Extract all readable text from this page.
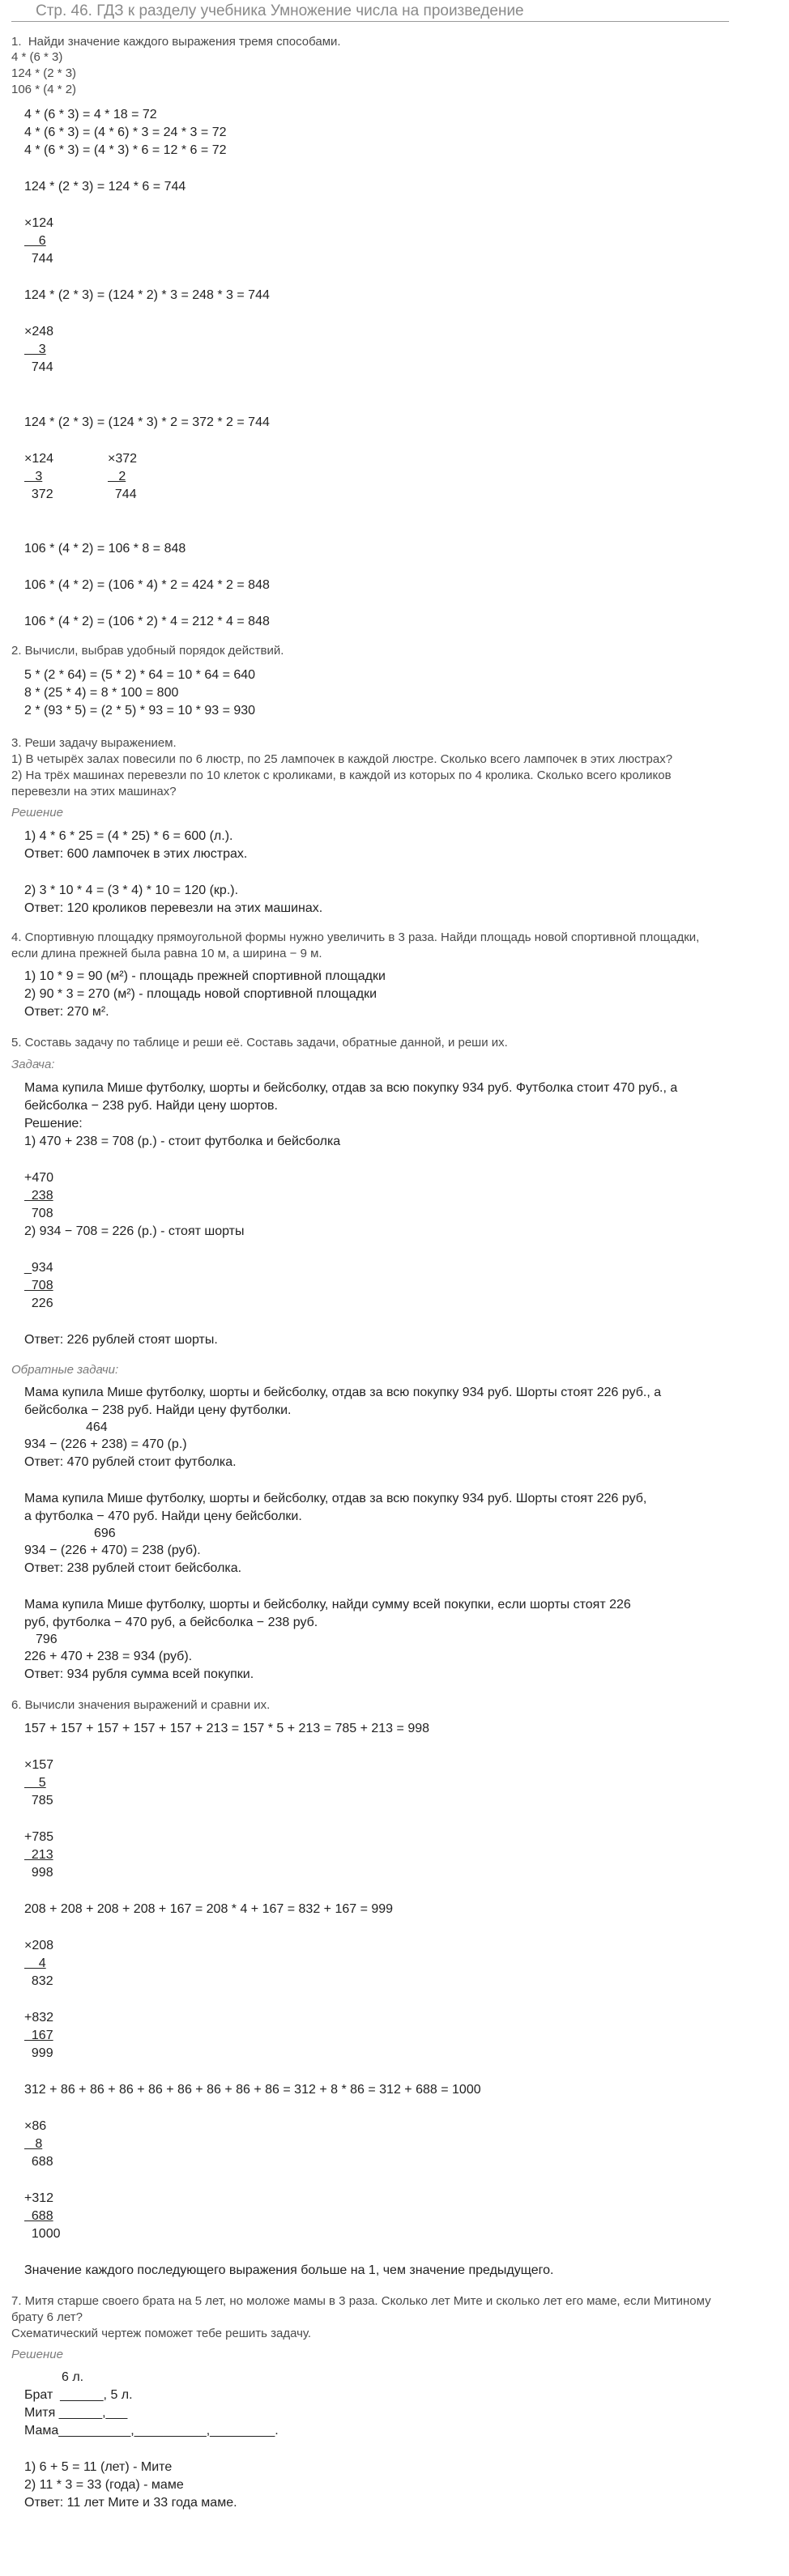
Стр. 46. ГДЗ к разделу учебника Умножение числа на произведение
1.  Найди значение каждого выражения тремя способами.
4 * (6 * 3)
124 * (2 * 3)
106 * (4 * 2)
4 * (6 * 3) = 4 * 18 = 72
4 * (6 * 3) = (4 * 6) * 3 = 24 * 3 = 72
4 * (6 * 3) = (4 * 3) * 6 = 12 * 6 = 72
124 * (2 * 3) = 124 * 6 = 744
×124
6
744
124 * (2 * 3) = (124 * 2) * 3 = 248 * 3 = 744
×248
3
744
124 * (2 * 3) = (124 * 3) * 2 = 372 * 2 = 744
×124
3
372
×372
2
744
106 * (4 * 2) = 106 * 8 = 848
106 * (4 * 2) = (106 * 4) * 2 = 424 * 2 = 848
106 * (4 * 2) = (106 * 2) * 4 = 212 * 4 = 848
2. Вычисли, выбрав удобный порядок действий.
5 * (2 * 64) = (5 * 2) * 64 = 10 * 64 = 640
8 * (25 * 4) = 8 * 100 = 800
2 * (93 * 5) = (2 * 5) * 93 = 10 * 93 = 930
3. Реши задачу выражением.
1) В четырёх залах повесили по 6 люстр, по 25 лампочек в каждой люстре. Сколько всего лампочек в этих люстрах?
2) На трёх машинах перевезли по 10 клеток с кроликами, в каждой из которых по 4 кролика. Сколько всего кроликов
перевезли на этих машинах?
Решение
1) 4 * 6 * 25 = (4 * 25) * 6 = 600 (л.).
Ответ: 600 лампочек в этих люстрах.
2) 3 * 10 * 4 = (3 * 4) * 10 = 120 (кр.).
Ответ: 120 кроликов перевезли на этих машинах.
4. Спортивную площадку прямоугольной формы нужно увеличить в 3 раза. Найди площадь новой спортивной площадки,
если длина прежней была равна 10 м, а ширина − 9 м.
1) 10 * 9 = 90 (м²) - площадь прежней спортивной площадки
2) 90 * 3 = 270 (м²) - площадь новой спортивной площадки
Ответ: 270 м².
5. Составь задачу по таблице и реши её. Составь задачи, обратные данной, и реши их.
Задача:
Мама купила Мише футболку, шорты и бейсболку, отдав за всю покупку 934 руб. Футболка стоит 470 руб., а
бейсболка − 238 руб. Найди цену шортов.
Решение:
1) 470 + 238 = 708 (р.) - стоит футболка и бейсболка
+470
238
708
2) 934 − 708 = 226 (р.) - стоят шорты
_934
708
226
Ответ: 226 рублей стоят шорты.
Обратные задачи:
Мама купила Мише футболку, шорты и бейсболку, отдав за всю покупку 934 руб. Шорты стоят 226 руб., а
бейсболка − 238 руб. Найди цену футболки.
464
934 − (226 + 238) = 470 (р.)
Ответ: 470 рублей стоит футболка.
Мама купила Мише футболку, шорты и бейсболку, отдав за всю покупку 934 руб. Шорты стоят 226 руб,
а футболка − 470 руб. Найди цену бейсболки.
696
934 − (226 + 470) = 238 (руб).
Ответ: 238 рублей стоит бейсболка.
Мама купила Мише футболку, шорты и бейсболку, найди сумму всей покупки, если шорты стоят 226
руб, футболка − 470 руб, а бейсболка − 238 руб.
796
226 + 470 + 238 = 934 (руб).
Ответ: 934 рубля сумма всей покупки.
6. Вычисли значения выражений и сравни их.
157 + 157 + 157 + 157 + 157 + 213 = 157 * 5 + 213 = 785 + 213 = 998
×157
5
785
+785
213
998
208 + 208 + 208 + 208 + 167 = 208 * 4 + 167 = 832 + 167 = 999
×208
4
832
+832
167
999
312 + 86 + 86 + 86 + 86 + 86 + 86 + 86 + 86 = 312 + 8 * 86 = 312 + 688 = 1000
×86
8
688
+312
688
1000
Значение каждого последующего выражения больше на 1, чем значение предыдущего.
7. Митя старше своего брата на 5 лет, но моложе мамы в 3 раза. Сколько лет Мите и сколько лет его маме, если Митиному
брату 6 лет?
Схематический чертеж поможет тебе решить задачу.
Решение
6 л.
Брат  ______, 5 л.
Митя ______,___
Мама__________,__________,_________.
1) 6 + 5 = 11 (лет) - Мите
2) 11 * 3 = 33 (года) - маме
Ответ: 11 лет Мите и 33 года маме.
